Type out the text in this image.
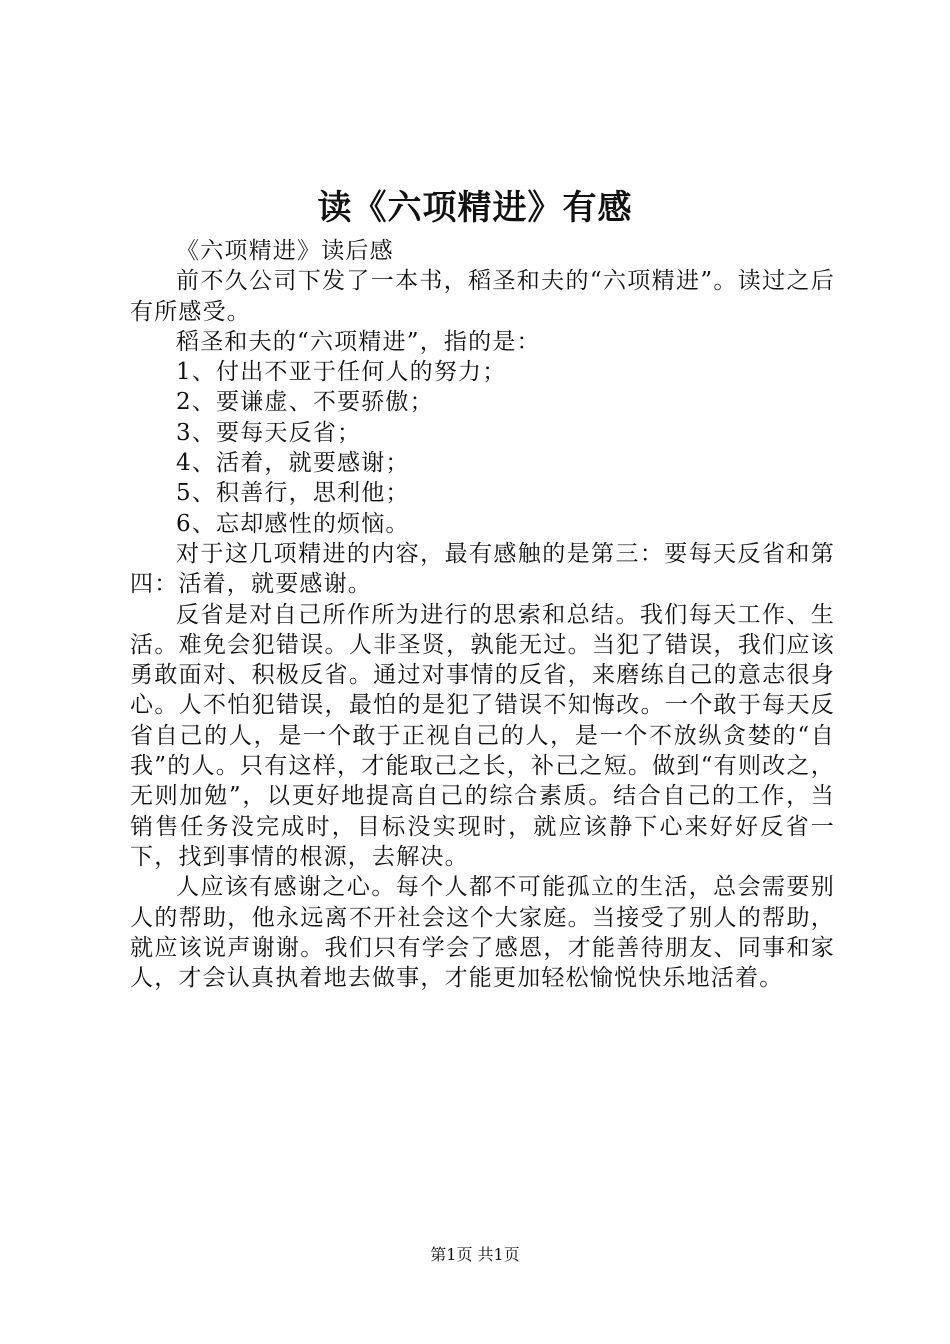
读《六项精进》有感

《六项精进》读后感

前不久公司下发了一本书，稻圣和夫的“六项精进”。读过之后有所感受。

稻圣和夫的“六项精进”，指的是：

1、付出不亚于任何人的努力；

2、要谦虚、不要骄傲；

3、要每天反省；

4、活着，就要感谢；

5、积善行，思利他；

6、忘却感性的烦恼。

对于这几项精进的内容，最有感触的是第三：要每天反省和第四：活着，就要感谢。

反省是对自己所作所为进行的思索和总结。我们每天工作、生活。难免会犯错误。人非圣贤，孰能无过。当犯了错误，我们应该勇敢面对、积极反省。通过对事情的反省，来磨练自己的意志很身心。人不怕犯错误，最怕的是犯了错误不知悔改。一个敢于每天反省自己的人，是一个敢于正视自己的人，是一个不放纵贪婪的“自我”的人。只有这样，才能取己之长，补己之短。做到“有则改之，无则加勉”，以更好地提高自己的综合素质。结合自己的工作，当销售任务没完成时，目标没实现时，就应该静下心来好好反省一下，找到事情的根源，去解决。

人应该有感谢之心。每个人都不可能孤立的生活，总会需要别人的帮助，他永远离不开社会这个大家庭。当接受了别人的帮助，就应该说声谢谢。我们只有学会了感恩，才能善待朋友、同事和家人，才会认真执着地去做事，才能更加轻松愉悦快乐地活着。

第1页 共1页
